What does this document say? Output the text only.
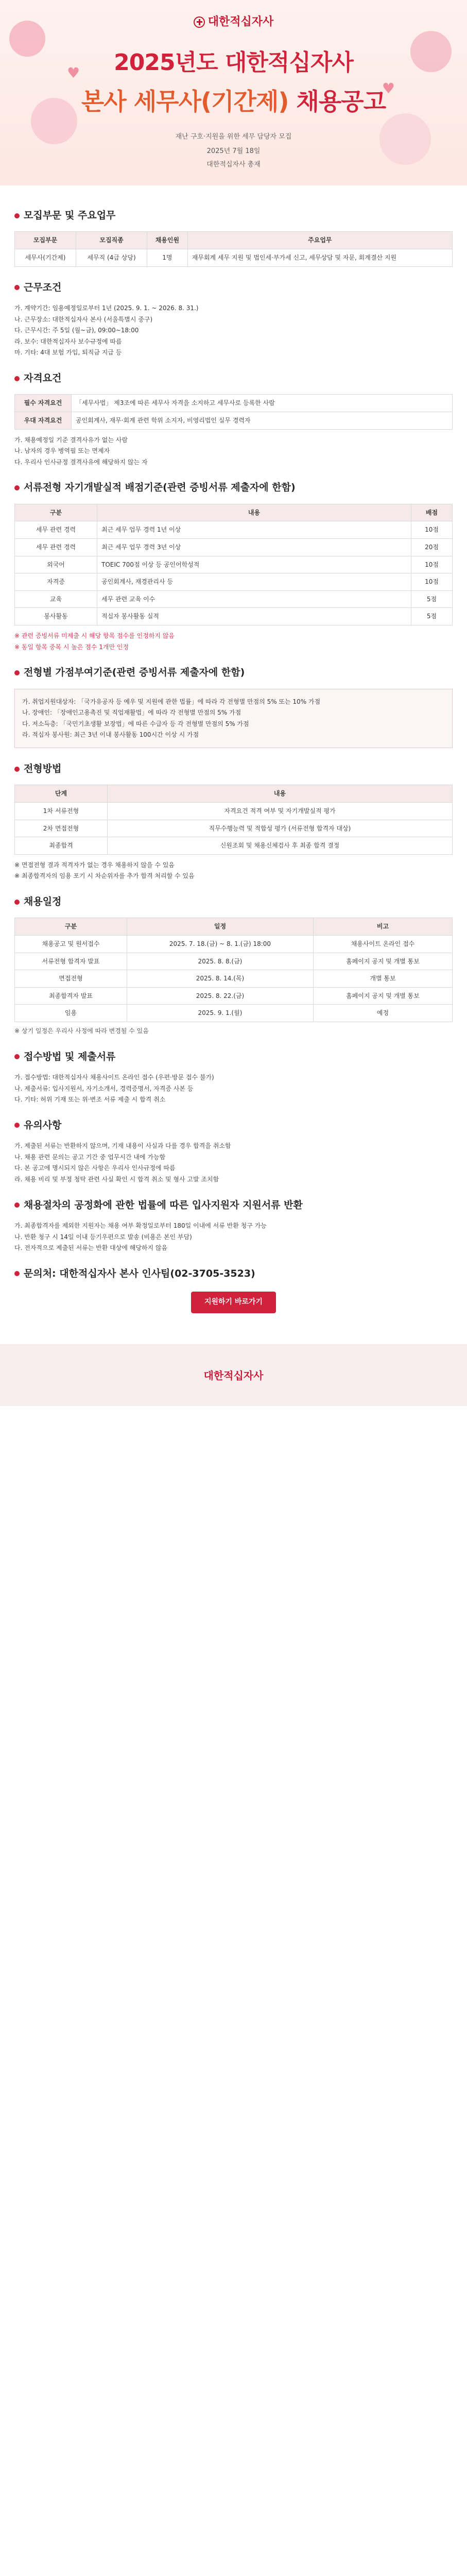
♥
♥
대한적십자사
2025년도 대한적십자사
본사 세무사(기간제) 채용공고
재난 구호·지원을 위한 세무 담당자 모집
2025년 7월 18일
대한적십자사 총재
모집부문 및 주요업무
모집부문	모집직종	채용인원	주요업무
세무사(기간제)	세무직 (4급 상당)	1명	재무회계 세무 지원 및 법인세·부가세 신고, 세무상담 및 자문, 회계결산 지원
근무조건
가. 계약기간: 임용예정일로부터 1년 (2025. 9. 1. ~ 2026. 8. 31.)
나. 근무장소: 대한적십자사 본사 (서울특별시 중구)
다. 근무시간: 주 5일 (월~금), 09:00~18:00
라. 보수: 대한적십자사 보수규정에 따름
마. 기타: 4대 보험 가입, 퇴직금 지급 등
자격요건
필수 자격요건	「세무사법」 제3조에 따른 세무사 자격을 소지하고 세무사로 등록한 사람
우대 자격요건	공인회계사, 재무·회계 관련 학위 소지자, 비영리법인 실무 경력자
가. 채용예정일 기준 결격사유가 없는 사람
나. 남자의 경우 병역필 또는 면제자
다. 우리사 인사규정 결격사유에 해당하지 않는 자
서류전형 자기개발실적 배점기준(관련 증빙서류 제출자에 한함)
구분	내용	배점
세무 관련 경력	최근 세무 업무 경력 1년 이상	10점
세무 관련 경력	최근 세무 업무 경력 3년 이상	20점
외국어	TOEIC 700점 이상 등 공인어학성적	10점
자격증	공인회계사, 재경관리사 등	10점
교육	세무 관련 교육 이수	5점
봉사활동	적십자 봉사활동 실적	5점
※ 관련 증빙서류 미제출 시 해당 항목 점수를 인정하지 않음
※ 동일 항목 중복 시 높은 점수 1개만 인정
전형별 가점부여기준(관련 증빙서류 제출자에 한함)
가. 취업지원대상자: 「국가유공자 등 예우 및 지원에 관한 법률」에 따라 각 전형별 만점의 5% 또는 10% 가점
나. 장애인: 「장애인고용촉진 및 직업재활법」에 따라 각 전형별 만점의 5% 가점
다. 저소득층: 「국민기초생활 보장법」에 따른 수급자 등 각 전형별 만점의 5% 가점
라. 적십자 봉사원: 최근 3년 이내 봉사활동 100시간 이상 시 가점
전형방법
단계	내용
1차 서류전형	자격요건 적격 여부 및 자기개발실적 평가
2차 면접전형	직무수행능력 및 적합성 평가 (서류전형 합격자 대상)
최종합격	신원조회 및 채용신체검사 후 최종 합격 결정
※ 면접전형 결과 적격자가 없는 경우 채용하지 않을 수 있음
※ 최종합격자의 임용 포기 시 차순위자를 추가 합격 처리할 수 있음
채용일정
구분	일정	비고
채용공고 및 원서접수	2025. 7. 18.(금) ~ 8. 1.(금) 18:00	채용사이트 온라인 접수
서류전형 합격자 발표	2025. 8. 8.(금)	홈페이지 공지 및 개별 통보
면접전형	2025. 8. 14.(목)	개별 통보
최종합격자 발표	2025. 8. 22.(금)	홈페이지 공지 및 개별 통보
임용	2025. 9. 1.(월)	예정
※ 상기 일정은 우리사 사정에 따라 변경될 수 있음
접수방법 및 제출서류
가. 접수방법: 대한적십자사 채용사이트 온라인 접수 (우편·방문 접수 불가)
나. 제출서류: 입사지원서, 자기소개서, 경력증명서, 자격증 사본 등
다. 기타: 허위 기재 또는 위·변조 서류 제출 시 합격 취소
유의사항
가. 제출된 서류는 반환하지 않으며, 기재 내용이 사실과 다를 경우 합격을 취소함
나. 채용 관련 문의는 공고 기간 중 업무시간 내에 가능함
다. 본 공고에 명시되지 않은 사항은 우리사 인사규정에 따름
라. 채용 비리 및 부정 청탁 관련 사실 확인 시 합격 취소 및 형사 고발 조치함
채용절차의 공정화에 관한 법률에 따른 입사지원자 지원서류 반환
가. 최종합격자를 제외한 지원자는 채용 여부 확정일로부터 180일 이내에 서류 반환 청구 가능
나. 반환 청구 시 14일 이내 등기우편으로 발송 (비용은 본인 부담)
다. 전자적으로 제출된 서류는 반환 대상에 해당하지 않음
문의처: 대한적십자사 본사 인사팀(02-3705-3523)
지원하기 바로가기
대한적십자사
